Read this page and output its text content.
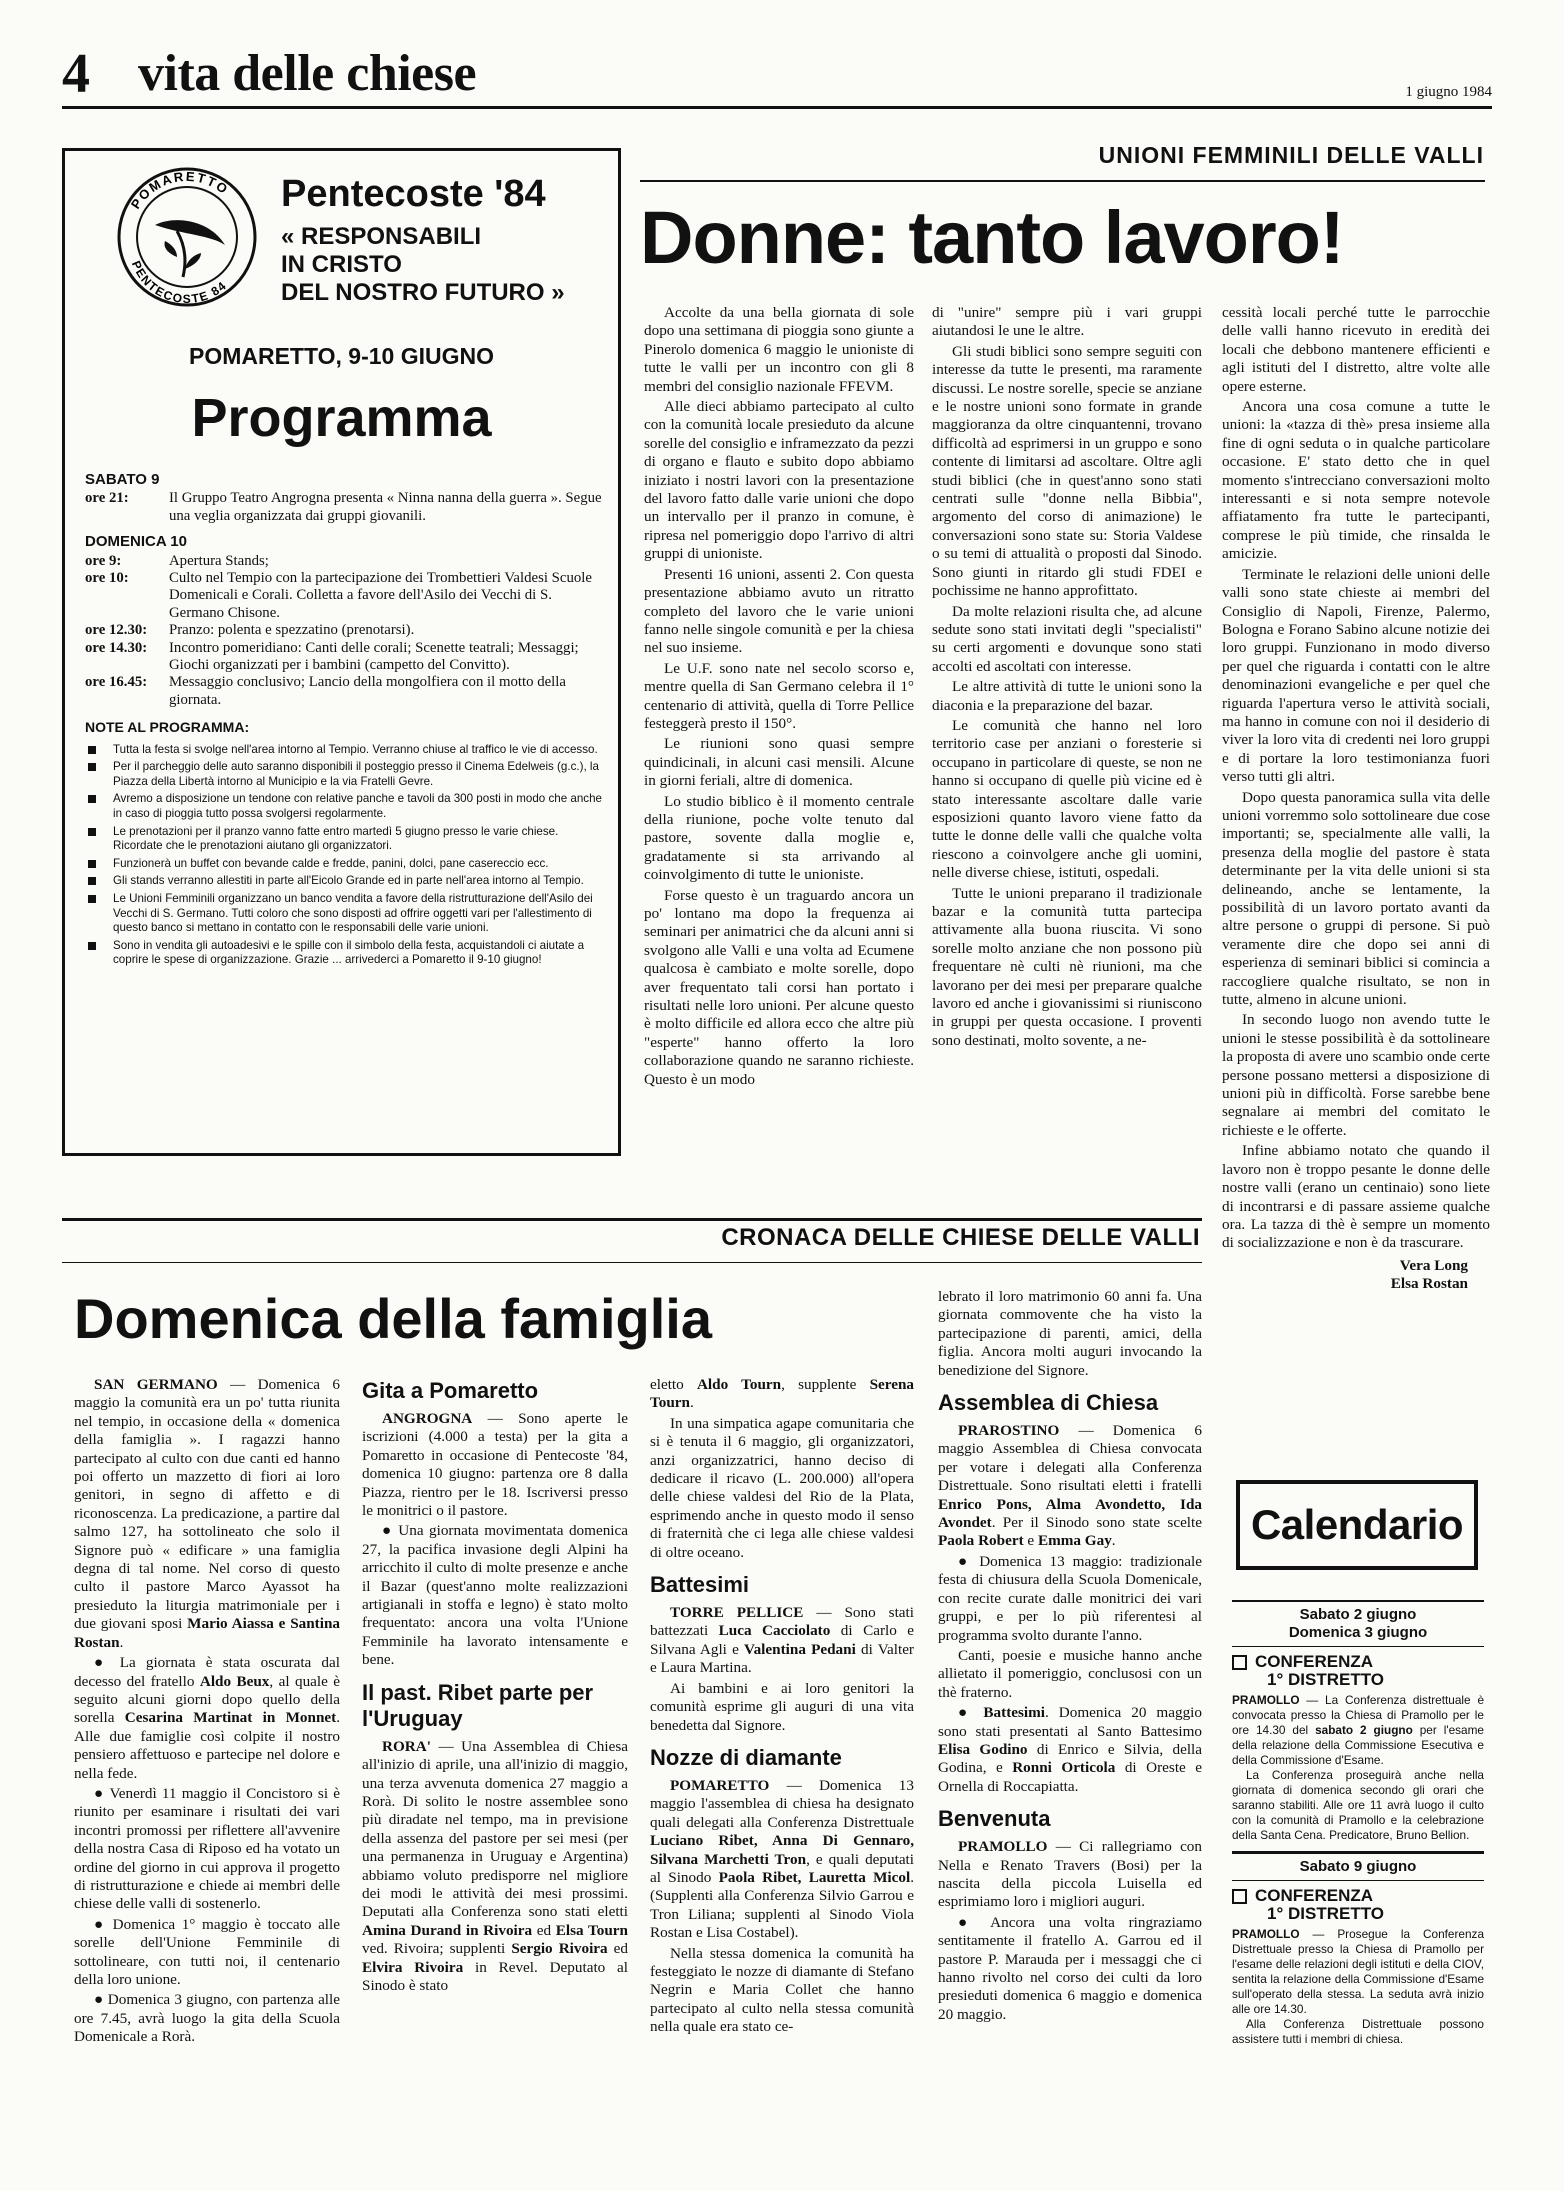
4 vita delle chiese	1 giugno 1984
POMARETTO
PENTECOSTE 84
Pentecoste '84
« RESPONSABILI
IN CRISTO
DEL NOSTRO FUTURO »
POMARETTO, 9-10 GIUGNO
Programma
SABATO 9
ore 21:	Il Gruppo Teatro Angrogna presenta « Ninna nanna della guerra ». Segue una veglia organizzata dai gruppi giovanili.
DOMENICA 10
ore 9:	Apertura Stands;
ore 10:	Culto nel Tempio con la partecipazione dei Trombettieri Valdesi Scuole Domenicali e Corali. Colletta a favore dell'Asilo dei Vecchi di S. Germano Chisone.
ore 12.30:	Pranzo: polenta e spezzatino (prenotarsi).
ore 14.30:	Incontro pomeridiano: Canti delle corali; Scenette teatrali; Messaggi; Giochi organizzati per i bambini (campetto del Convitto).
ore 16.45:	Messaggio conclusivo; Lancio della mongolfiera con il motto della giornata.
NOTE AL PROGRAMMA:
Tutta la festa si svolge nell'area intorno al Tempio. Verranno chiuse al traffico le vie di accesso.
Per il parcheggio delle auto saranno disponibili il posteggio presso il Cinema Edelweis (g.c.), la Piazza della Libertà intorno al Municipio e la via Fratelli Gevre.
Avremo a disposizione un tendone con relative panche e tavoli da 300 posti in modo che anche in caso di pioggia tutto possa svolgersi regolarmente.
Le prenotazioni per il pranzo vanno fatte entro martedì 5 giugno presso le varie chiese. Ricordate che le prenotazioni aiutano gli organizzatori.
Funzionerà un buffet con bevande calde e fredde, panini, dolci, pane casereccio ecc.
Gli stands verranno allestiti in parte all'Eicolo Grande ed in parte nell'area intorno al Tempio.
Le Unioni Femminili organizzano un banco vendita a favore della ristrutturazione dell'Asilo dei Vecchi di S. Germano. Tutti coloro che sono disposti ad offrire oggetti vari per l'allestimento di questo banco si mettano in contatto con le responsabili delle varie unioni.
Sono in vendita gli autoadesivi e le spille con il simbolo della festa, acquistandoli ci aiutate a coprire le spese di organizzazione. Grazie ... arrivederci a Pomaretto il 9-10 giugno!
UNIONI FEMMINILI DELLE VALLI
Donne: tanto lavoro!

Accolte da una bella giornata di sole dopo una settimana di pioggia sono giunte a Pinerolo domenica 6 maggio le unioniste di tutte le valli per un incontro con gli 8 membri del consiglio nazionale FFEVM.

Alle dieci abbiamo partecipato al culto con la comunità locale presieduto da alcune sorelle del consiglio e inframezzato da pezzi di organo e flauto e subito dopo abbiamo iniziato i nostri lavori con la presentazione del lavoro fatto dalle varie unioni che dopo un intervallo per il pranzo in comune, è ripresa nel pomeriggio dopo l'arrivo di altri gruppi di unioniste.

Presenti 16 unioni, assenti 2. Con questa presentazione abbiamo avuto un ritratto completo del lavoro che le varie unioni fanno nelle singole comunità e per la chiesa nel suo insieme.

Le U.F. sono nate nel secolo scorso e, mentre quella di San Germano celebra il 1° centenario di attività, quella di Torre Pellice festeggerà presto il 150°.

Le riunioni sono quasi sempre quindicinali, in alcuni casi mensili. Alcune in giorni feriali, altre di domenica.

Lo studio biblico è il momento centrale della riunione, poche volte tenuto dal pastore, sovente dalla moglie e, gradatamente si sta arrivando al coinvolgimento di tutte le unioniste.

Forse questo è un traguardo ancora un po' lontano ma dopo la frequenza ai seminari per animatrici che da alcuni anni si svolgono alle Valli e una volta ad Ecumene qualcosa è cambiato e molte sorelle, dopo aver frequentato tali corsi han portato i risultati nelle loro unioni. Per alcune questo è molto difficile ed allora ecco che altre più "esperte" hanno offerto la loro collaborazione quando ne saranno richieste. Questo è un modo

di "unire" sempre più i vari gruppi aiutandosi le une le altre.

Gli studi biblici sono sempre seguiti con interesse da tutte le presenti, ma raramente discussi. Le nostre sorelle, specie se anziane e le nostre unioni sono formate in grande maggioranza da oltre cinquantenni, trovano difficoltà ad esprimersi in un gruppo e sono contente di limitarsi ad ascoltare. Oltre agli studi biblici (che in quest'anno sono stati centrati sulle "donne nella Bibbia", argomento del corso di animazione) le conversazioni sono state su: Storia Valdese o su temi di attualità o proposti dal Sinodo. Sono giunti in ritardo gli studi FDEI e pochissime ne hanno approfittato.

Da molte relazioni risulta che, ad alcune sedute sono stati invitati degli "specialisti" su certi argomenti e dovunque sono stati accolti ed ascoltati con interesse.

Le altre attività di tutte le unioni sono la diaconia e la preparazione del bazar.

Le comunità che hanno nel loro territorio case per anziani o foresterie si occupano in particolare di queste, se non ne hanno si occupano di quelle più vicine ed è stato interessante ascoltare dalle varie esposizioni quanto lavoro viene fatto da tutte le donne delle valli che qualche volta riescono a coinvolgere anche gli uomini, nelle diverse chiese, istituti, ospedali.

Tutte le unioni preparano il tradizionale bazar e la comunità tutta partecipa attivamente alla buona riuscita. Vi sono sorelle molto anziane che non possono più frequentare nè culti nè riunioni, ma che lavorano per dei mesi per preparare qualche lavoro ed anche i giovanissimi si riuniscono in gruppi per questa occasione. I proventi sono destinati, molto sovente, a ne-

cessità locali perché tutte le parrocchie delle valli hanno ricevuto in eredità dei locali che debbono mantenere efficienti e agli istituti del I distretto, altre volte alle opere esterne.

Ancora una cosa comune a tutte le unioni: la «tazza di thè» presa insieme alla fine di ogni seduta o in qualche particolare occasione. E' stato detto che in quel momento s'intrecciano conversazioni molto interessanti e si nota sempre notevole affiatamento fra tutte le partecipanti, comprese le più timide, che rinsalda le amicizie.

Terminate le relazioni delle unioni delle valli sono state chieste ai membri del Consiglio di Napoli, Firenze, Palermo, Bologna e Forano Sabino alcune notizie dei loro gruppi. Funzionano in modo diverso per quel che riguarda i contatti con le altre denominazioni evangeliche e per quel che riguarda l'apertura verso le attività sociali, ma hanno in comune con noi il desiderio di viver la loro vita di credenti nei loro gruppi e di portare la loro testimonianza fuori verso tutti gli altri.

Dopo questa panoramica sulla vita delle unioni vorremmo solo sottolineare due cose importanti; se, specialmente alle valli, la presenza della moglie del pastore è stata determinante per la vita delle unioni si sta delineando, anche se lentamente, la possibilità di un lavoro portato avanti da altre persone o gruppi di persone. Si può veramente dire che dopo sei anni di esperienza di seminari biblici si comincia a raccogliere qualche risultato, se non in tutte, almeno in alcune unioni.

In secondo luogo non avendo tutte le unioni le stesse possibilità è da sottolineare la proposta di avere uno scambio onde certe persone possano mettersi a disposizione di unioni più in difficoltà. Forse sarebbe bene segnalare ai membri del comitato le richieste e le offerte.

Infine abbiamo notato che quando il lavoro non è troppo pesante le donne delle nostre valli (erano un centinaio) sono liete di incontrarsi e di passare assieme qualche ora. La tazza di thè è sempre un momento di socializzazione e non è da trascurare.

Vera Long
Elsa Rostan
CRONACA DELLE CHIESE DELLE VALLI
Domenica della famiglia

SAN GERMANO — Domenica 6 maggio la comunità era un po' tutta riunita nel tempio, in occasione della « domenica della famiglia ». I ragazzi hanno partecipato al culto con due canti ed hanno poi offerto un mazzetto di fiori ai loro genitori, in segno di affetto e di riconoscenza. La predicazione, a partire dal salmo 127, ha sottolineato che solo il Signore può « edificare » una famiglia degna di tal nome. Nel corso di questo culto il pastore Marco Ayassot ha presieduto la liturgia matrimoniale per i due giovani sposi Mario Aiassa e Santina Rostan.

● La giornata è stata oscurata dal decesso del fratello Aldo Beux, al quale è seguito alcuni giorni dopo quello della sorella Cesarina Martinat in Monnet. Alle due famiglie così colpite il nostro pensiero affettuoso e partecipe nel dolore e nella fede.

● Venerdì 11 maggio il Concistoro si è riunito per esaminare i risultati dei vari incontri promossi per riflettere all'avvenire della nostra Casa di Riposo ed ha votato un ordine del giorno in cui approva il progetto di ristrutturazione e chiede ai membri delle chiese delle valli di sostenerlo.

● Domenica 1° maggio è toccato alle sorelle dell'Unione Femminile di sottolineare, con tutti noi, il centenario della loro unione.

● Domenica 3 giugno, con partenza alle ore 7.45, avrà luogo la gita della Scuola Domenicale a Rorà.

Gita a Pomaretto

ANGROGNA — Sono aperte le iscrizioni (4.000 a testa) per la gita a Pomaretto in occasione di Pentecoste '84, domenica 10 giugno: partenza ore 8 dalla Piazza, rientro per le 18. Iscriversi presso le monitrici o il pastore.

● Una giornata movimentata domenica 27, la pacifica invasione degli Alpini ha arricchito il culto di molte presenze e anche il Bazar (quest'anno molte realizzazioni artigianali in stoffa e legno) è stato molto frequentato: ancora una volta l'Unione Femminile ha lavorato intensamente e bene.

Il past. Ribet parte per l'Uruguay

RORA' — Una Assemblea di Chiesa all'inizio di aprile, una all'inizio di maggio, una terza avvenuta domenica 27 maggio a Rorà. Di solito le nostre assemblee sono più diradate nel tempo, ma in previsione della assenza del pastore per sei mesi (per una permanenza in Uruguay e Argentina) abbiamo voluto predisporre nel migliore dei modi le attività dei mesi prossimi. Deputati alla Conferenza sono stati eletti Amina Durand in Rivoira ed Elsa Tourn ved. Rivoira; supplenti Sergio Rivoira ed Elvira Rivoira in Revel. Deputato al Sinodo è stato

eletto Aldo Tourn, supplente Serena Tourn.

In una simpatica agape comunitaria che si è tenuta il 6 maggio, gli organizzatori, anzi organizzatrici, hanno deciso di dedicare il ricavo (L. 200.000) all'opera delle chiese valdesi del Rio de la Plata, esprimendo anche in questo modo il senso di fraternità che ci lega alle chiese valdesi di oltre oceano.

Battesimi

TORRE PELLICE — Sono stati battezzati Luca Cacciolato di Carlo e Silvana Agli e Valentina Pedani di Valter e Laura Martina.

Ai bambini e ai loro genitori la comunità esprime gli auguri di una vita benedetta dal Signore.

Nozze di diamante

POMARETTO — Domenica 13 maggio l'assemblea di chiesa ha designato quali delegati alla Conferenza Distrettuale Luciano Ribet, Anna Di Gennaro, Silvana Marchetti Tron, e quali deputati al Sinodo Paola Ribet, Lauretta Micol. (Supplenti alla Conferenza Silvio Garrou e Tron Liliana; supplenti al Sinodo Viola Rostan e Lisa Costabel).

Nella stessa domenica la comunità ha festeggiato le nozze di diamante di Stefano Negrin e Maria Collet che hanno partecipato al culto nella stessa comunità nella quale era stato ce-

lebrato il loro matrimonio 60 anni fa. Una giornata commovente che ha visto la partecipazione di parenti, amici, della figlia. Ancora molti auguri invocando la benedizione del Signore.

Assemblea di Chiesa

PRAROSTINO — Domenica 6 maggio Assemblea di Chiesa convocata per votare i delegati alla Conferenza Distrettuale. Sono risultati eletti i fratelli Enrico Pons, Alma Avondetto, Ida Avondet. Per il Sinodo sono state scelte Paola Robert e Emma Gay.

● Domenica 13 maggio: tradizionale festa di chiusura della Scuola Domenicale, con recite curate dalle monitrici dei vari gruppi, e per lo più riferentesi al programma svolto durante l'anno.

Canti, poesie e musiche hanno anche allietato il pomeriggio, conclusosi con un thè fraterno.

● Battesimi. Domenica 20 maggio sono stati presentati al Santo Battesimo Elisa Godino di Enrico e Silvia, della Godina, e Ronni Orticola di Oreste e Ornella di Roccapiatta.

Benvenuta

PRAMOLLO — Ci rallegriamo con Nella e Renato Travers (Bosi) per la nascita della piccola Luisella ed esprimiamo loro i migliori auguri.

● Ancora una volta ringraziamo sentitamente il fratello A. Garrou ed il pastore P. Marauda per i messaggi che ci hanno rivolto nel corso dei culti da loro presieduti domenica 6 maggio e domenica 20 maggio.

Calendario
Sabato 2 giugno
Domenica 3 giugno
CONFERENZA
1° DISTRETTO
PRAMOLLO — La Conferenza distrettuale è convocata presso la Chiesa di Pramollo per le ore 14.30 del sabato 2 giugno per l'esame della relazione della Commissione Esecutiva e della Commissione d'Esame.
La Conferenza proseguirà anche nella giornata di domenica secondo gli orari che saranno stabiliti. Alle ore 11 avrà luogo il culto con la comunità di Pramollo e la celebrazione della Santa Cena. Predicatore, Bruno Bellion.
Sabato 9 giugno
CONFERENZA
1° DISTRETTO
PRAMOLLO — Prosegue la Conferenza Distrettuale presso la Chiesa di Pramollo per l'esame delle relazioni degli istituti e della CIOV, sentita la relazione della Commissione d'Esame sull'operato della stessa. La seduta avrà inizio alle ore 14.30.
Alla Conferenza Distrettuale possono assistere tutti i membri di chiesa.
